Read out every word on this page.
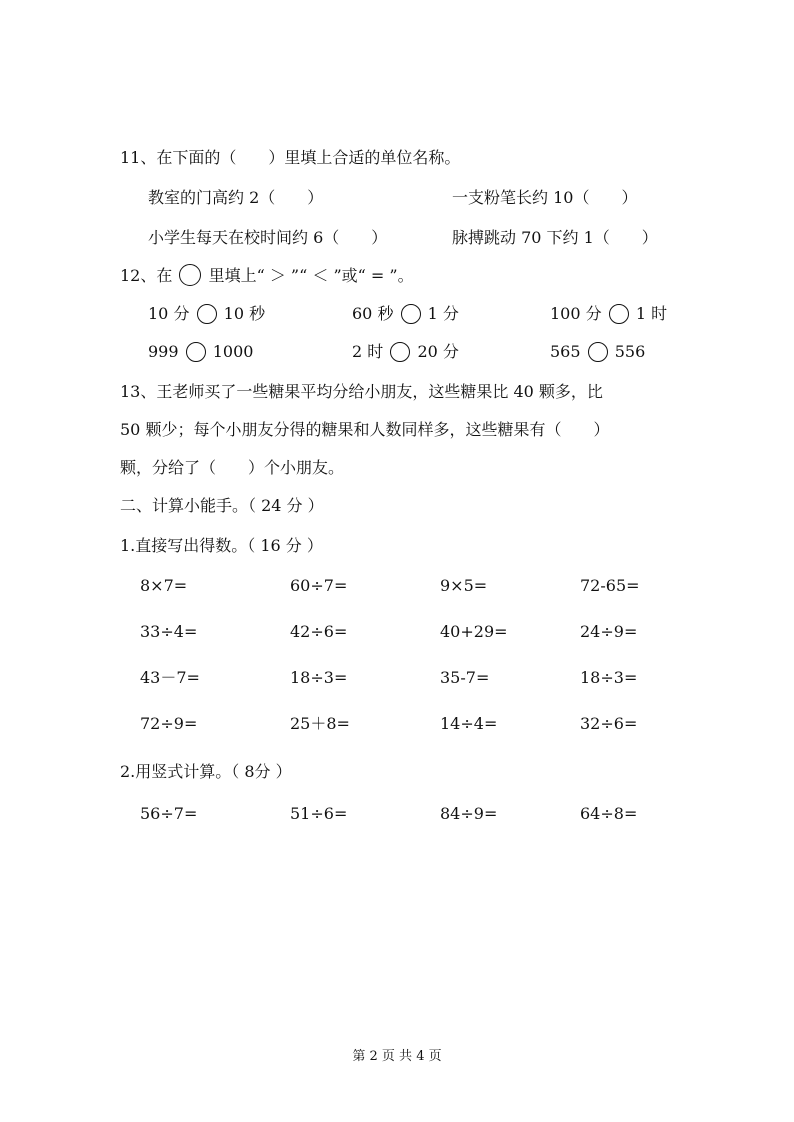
11、在下面的（　　）里填上合适的单位名称。
教室的门高约 2（　　）	一支粉笔长约 10（　　）
小学生每天在校时间约 6（　　）	脉搏跳动 70 下约 1（　　）
12、在 里填上“ ＞ ”“ ＜ ”或“ = ”。
10 分 10 秒	60 秒 1 分	100 分 1 时
999 1000	2 时 20 分	565 556
13、王老师买了一些糖果平均分给小朋友，这些糖果比 40 颗多，比
50 颗少；每个小朋友分得的糖果和人数同样多，这些糖果有（　　）
颗，分给了（　　）个小朋友。
二、计算小能手。（ 24 分 ）
1.直接写出得数。（ 16 分 ）
8×7=	60÷7=	9×5=	72-65=
33÷4=	42÷6=	40+29=	24÷9=
43－7=	18÷3=	35-7=	18÷3=
72÷9=	25＋8=	14÷4=	32÷6=
2.用竖式计算。（ 8分 ）
56÷7=	51÷6=	84÷9=	64÷8=
第 2 页 共 4 页
